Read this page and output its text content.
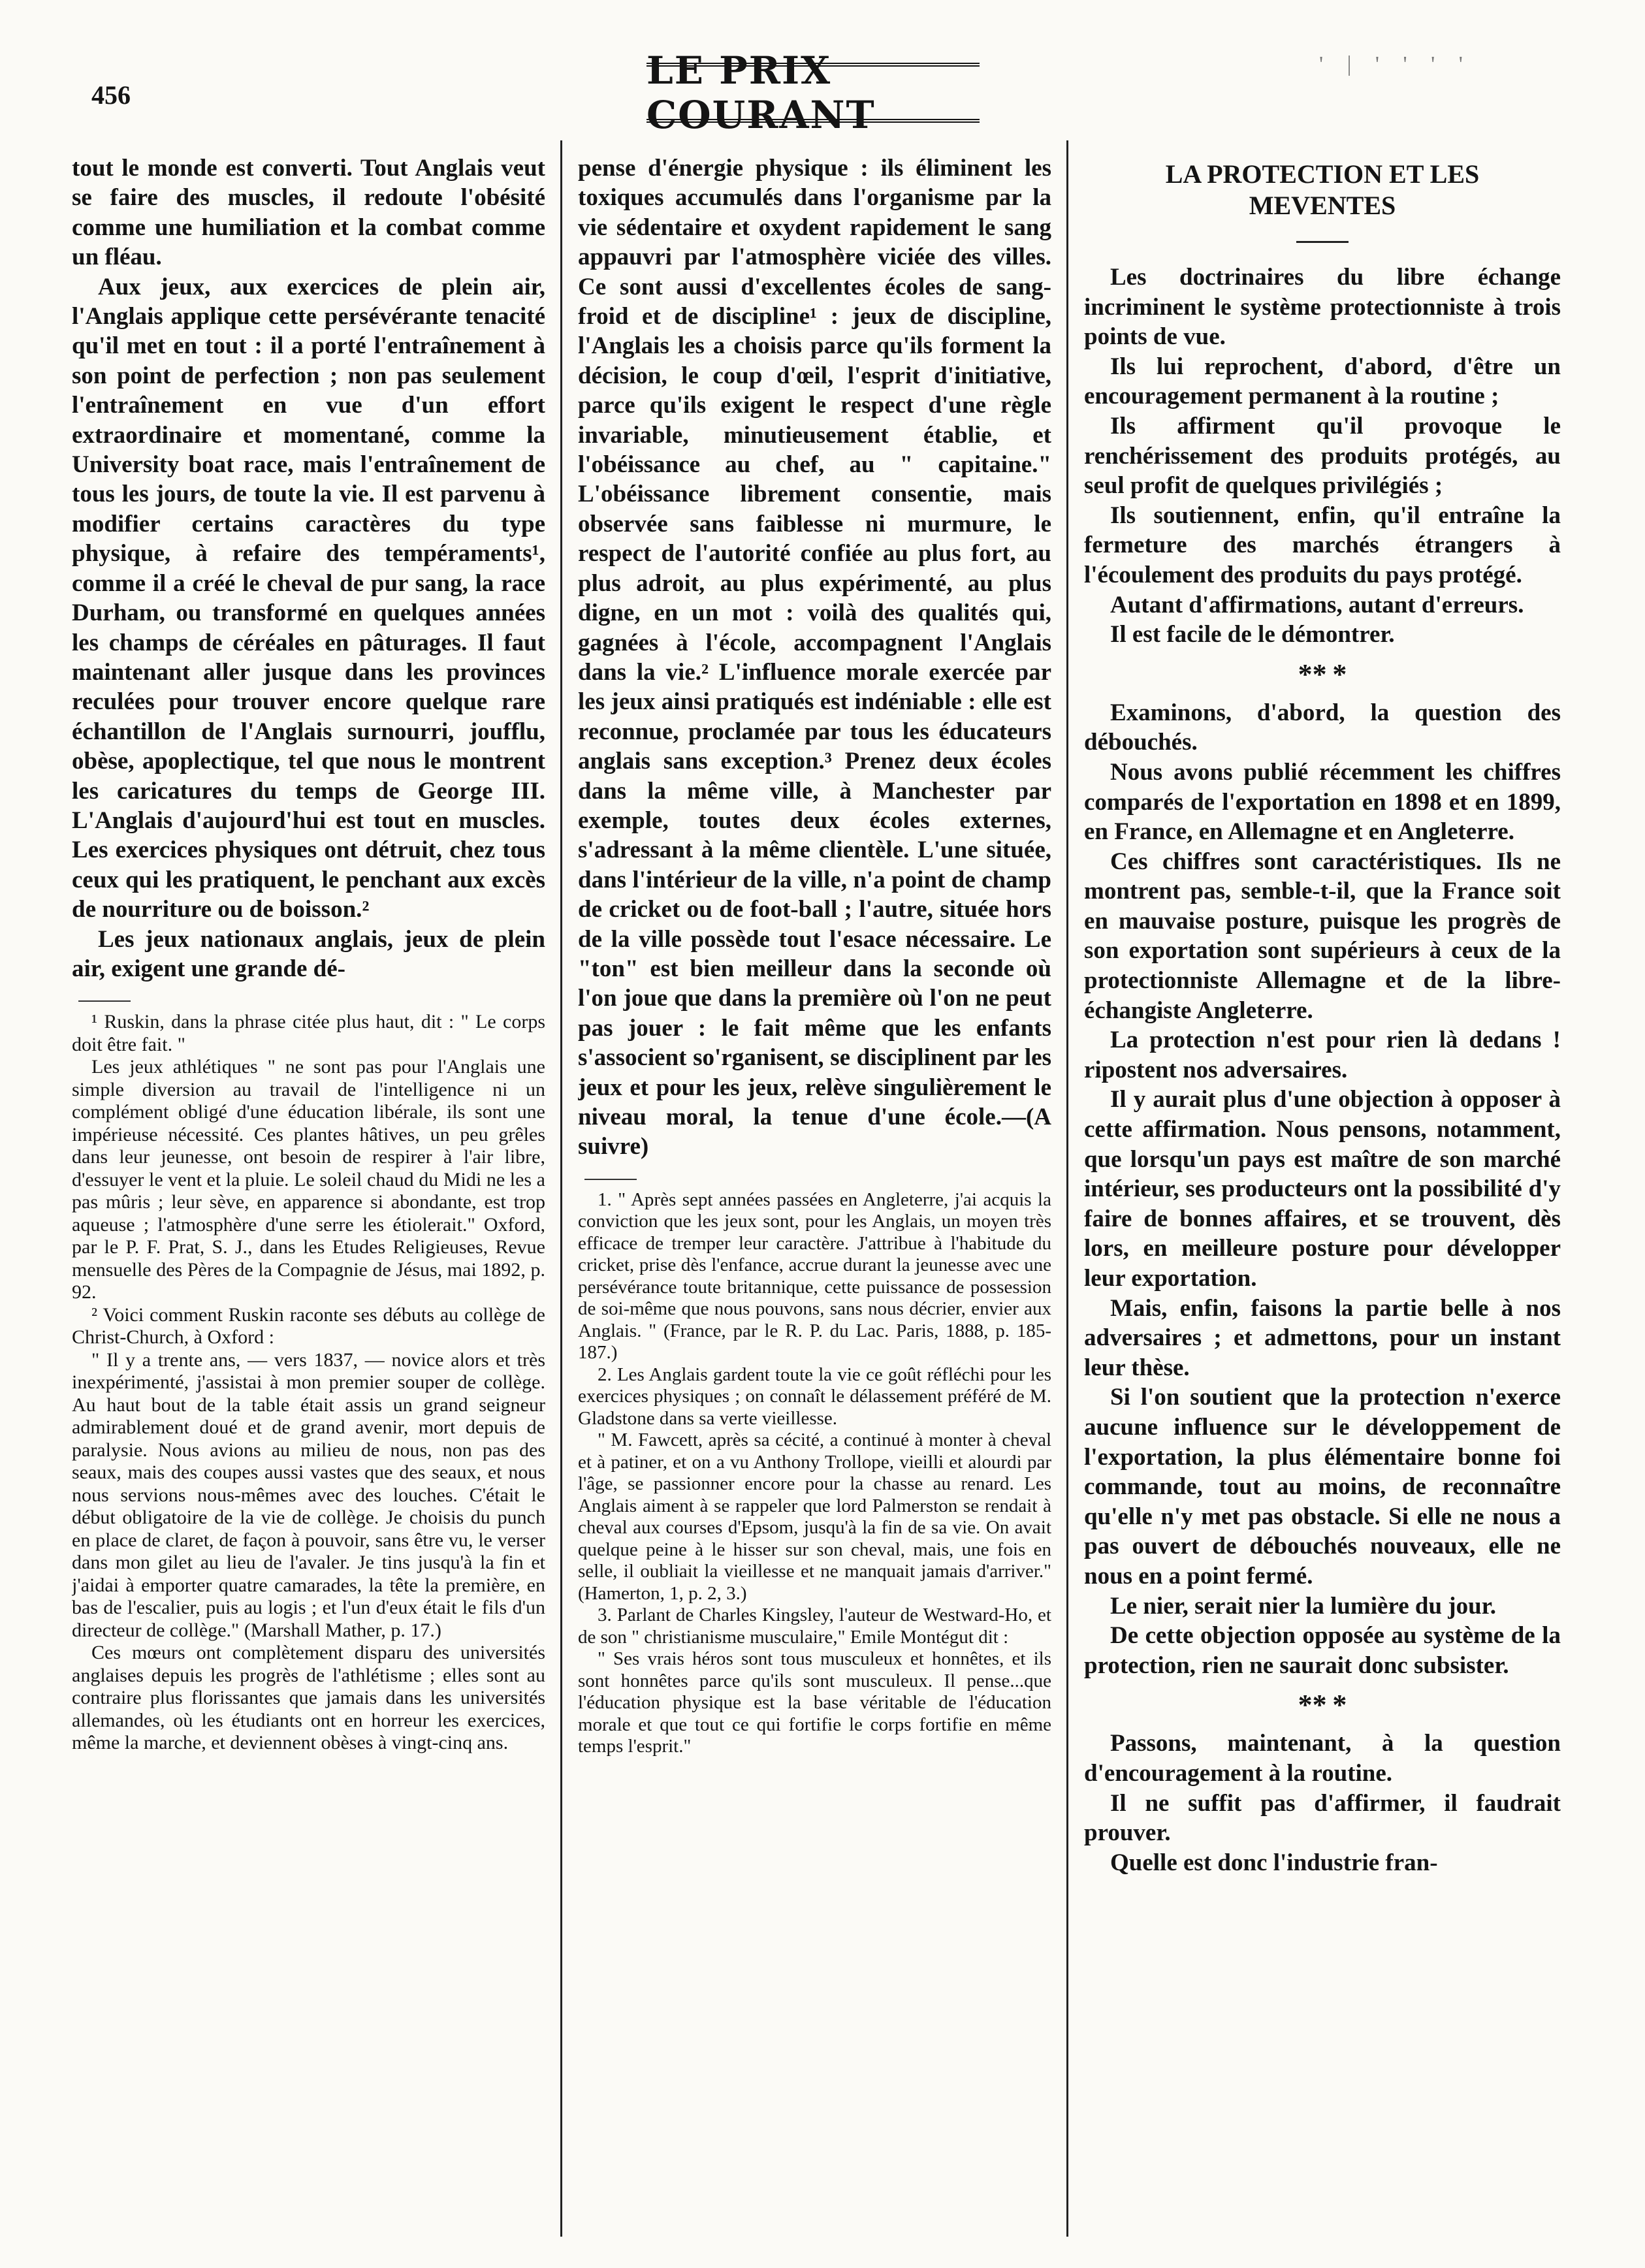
456
LE PRIX COURANT
' | ' ' ' '

tout le monde est converti. Tout Anglais veut se faire des muscles, il redoute l'obésité comme une humiliation et la combat comme un fléau.

Aux jeux, aux exercices de plein air, l'Anglais applique cette persévérante tenacité qu'il met en tout : il a porté l'entraînement à son point de perfection ; non pas seulement l'entraînement en vue d'un effort extraordinaire et momentané, comme la University boat race, mais l'entraînement de tous les jours, de toute la vie. Il est parvenu à modifier certains caractères du type physique, à refaire des tempéraments¹, comme il a créé le cheval de pur sang, la race Durham, ou transformé en quelques années les champs de céréales en pâturages. Il faut maintenant aller jusque dans les provinces reculées pour trouver encore quelque rare échantillon de l'Anglais surnourri, joufflu, obèse, apoplectique, tel que nous le montrent les caricatures du temps de George III. L'Anglais d'aujourd'hui est tout en muscles. Les exercices physiques ont détruit, chez tous ceux qui les pratiquent, le penchant aux excès de nourriture ou de boisson.²

Les jeux nationaux anglais, jeux de plein air, exigent une grande dé-

¹ Ruskin, dans la phrase citée plus haut, dit : " Le corps doit être fait. "

Les jeux athlétiques " ne sont pas pour l'Anglais une simple diversion au travail de l'intelligence ni un complément obligé d'une éducation libérale, ils sont une impérieuse nécessité. Ces plantes hâtives, un peu grêles dans leur jeunesse, ont besoin de respirer à l'air libre, d'essuyer le vent et la pluie. Le soleil chaud du Midi ne les a pas mûris ; leur sève, en apparence si abondante, est trop aqueuse ; l'atmosphère d'une serre les étiolerait." Oxford, par le P. F. Prat, S. J., dans les Etudes Religieuses, Revue mensuelle des Pères de la Compagnie de Jésus, mai 1892, p. 92.

² Voici comment Ruskin raconte ses débuts au collège de Christ-Church, à Oxford :

" Il y a trente ans, — vers 1837, — novice alors et très inexpérimenté, j'assistai à mon premier souper de collège. Au haut bout de la table était assis un grand seigneur admirablement doué et de grand avenir, mort depuis de paralysie. Nous avions au milieu de nous, non pas des seaux, mais des coupes aussi vastes que des seaux, et nous nous servions nous-mêmes avec des louches. C'était le début obligatoire de la vie de collège. Je choisis du punch en place de claret, de façon à pouvoir, sans être vu, le verser dans mon gilet au lieu de l'avaler. Je tins jusqu'à la fin et j'aidai à emporter quatre camarades, la tête la première, en bas de l'escalier, puis au logis ; et l'un d'eux était le fils d'un directeur de collège." (Marshall Mather, p. 17.)

Ces mœurs ont complètement disparu des universités anglaises depuis les progrès de l'athlétisme ; elles sont au contraire plus florissantes que jamais dans les universités allemandes, où les étudiants ont en horreur les exercices, même la marche, et deviennent obèses à vingt-cinq ans.

pense d'énergie physique : ils éliminent les toxiques accumulés dans l'organisme par la vie sédentaire et oxydent rapidement le sang appauvri par l'atmosphère viciée des villes. Ce sont aussi d'excellentes écoles de sang-froid et de discipline¹ : jeux de discipline, l'Anglais les a choisis parce qu'ils forment la décision, le coup d'œil, l'esprit d'initiative, parce qu'ils exigent le respect d'une règle invariable, minutieusement établie, et l'obéissance au chef, au " capitaine." L'obéissance librement consentie, mais observée sans faiblesse ni murmure, le respect de l'autorité confiée au plus fort, au plus adroit, au plus expérimenté, au plus digne, en un mot : voilà des qualités qui, gagnées à l'école, accompagnent l'Anglais dans la vie.² L'influence morale exercée par les jeux ainsi pratiqués est indéniable : elle est reconnue, proclamée par tous les éducateurs anglais sans exception.³ Prenez deux écoles dans la même ville, à Manchester par exemple, toutes deux écoles externes, s'adressant à la même clientèle. L'une située, dans l'intérieur de la ville, n'a point de champ de cricket ou de foot-ball ; l'autre, située hors de la ville possède tout l'esace nécessaire. Le "ton" est bien meilleur dans la seconde où l'on joue que dans la première où l'on ne peut pas jouer : le fait même que les enfants s'associent so'rganisent, se disciplinent par les jeux et pour les jeux, relève singulièrement le niveau moral, la tenue d'une école.—(A suivre)

1. " Après sept années passées en Angleterre, j'ai acquis la conviction que les jeux sont, pour les Anglais, un moyen très efficace de tremper leur caractère. J'attribue à l'habitude du cricket, prise dès l'enfance, accrue durant la jeunesse avec une persévérance toute britannique, cette puissance de possession de soi-même que nous pouvons, sans nous décrier, envier aux Anglais. " (France, par le R. P. du Lac. Paris, 1888, p. 185-187.)

2. Les Anglais gardent toute la vie ce goût réfléchi pour les exercices physiques ; on connaît le délassement préféré de M. Gladstone dans sa verte vieillesse.

" M. Fawcett, après sa cécité, a continué à monter à cheval et à patiner, et on a vu Anthony Trollope, vieilli et alourdi par l'âge, se passionner encore pour la chasse au renard. Les Anglais aiment à se rappeler que lord Palmerston se rendait à cheval aux courses d'Epsom, jusqu'à la fin de sa vie. On avait quelque peine à le hisser sur son cheval, mais, une fois en selle, il oubliait la vieillesse et ne manquait jamais d'arriver." (Hamerton, 1, p. 2, 3.)

3. Parlant de Charles Kingsley, l'auteur de Westward-Ho, et de son " christianisme musculaire," Emile Montégut dit :

" Ses vrais héros sont tous musculeux et honnêtes, et ils sont honnêtes parce qu'ils sont musculeux. Il pense...que l'éducation physique est la base véritable de l'éducation morale et que tout ce qui fortifie le corps fortifie en même temps l'esprit."

LA PROTECTION ET LES
MEVENTES

Les doctrinaires du libre échange incriminent le système protectionniste à trois points de vue.

Ils lui reprochent, d'abord, d'être un encouragement permanent à la routine ;

Ils affirment qu'il provoque le renchérissement des produits protégés, au seul profit de quelques privilégiés ;

Ils soutiennent, enfin, qu'il entraîne la fermeture des marchés étrangers à l'écoulement des produits du pays protégé.

Autant d'affirmations, autant d'erreurs.

Il est facile de le démontrer.

** *

Examinons, d'abord, la question des débouchés.

Nous avons publié récemment les chiffres comparés de l'exportation en 1898 et en 1899, en France, en Allemagne et en Angleterre.

Ces chiffres sont caractéristiques. Ils ne montrent pas, semble-t-il, que la France soit en mauvaise posture, puisque les progrès de son exportation sont supérieurs à ceux de la protectionniste Allemagne et de la libre-échangiste Angleterre.

La protection n'est pour rien là dedans ! ripostent nos adversaires.

Il y aurait plus d'une objection à opposer à cette affirmation. Nous pensons, notamment, que lorsqu'un pays est maître de son marché intérieur, ses producteurs ont la possibilité d'y faire de bonnes affaires, et se trouvent, dès lors, en meilleure posture pour développer leur exportation.

Mais, enfin, faisons la partie belle à nos adversaires ; et admettons, pour un instant leur thèse.

Si l'on soutient que la protection n'exerce aucune influence sur le développement de l'exportation, la plus élémentaire bonne foi commande, tout au moins, de reconnaître qu'elle n'y met pas obstacle. Si elle ne nous a pas ouvert de débouchés nouveaux, elle ne nous en a point fermé.

Le nier, serait nier la lumière du jour.

De cette objection opposée au système de la protection, rien ne saurait donc subsister.

** *

Passons, maintenant, à la question d'encouragement à la routine.

Il ne suffit pas d'affirmer, il faudrait prouver.

Quelle est donc l'industrie fran-
